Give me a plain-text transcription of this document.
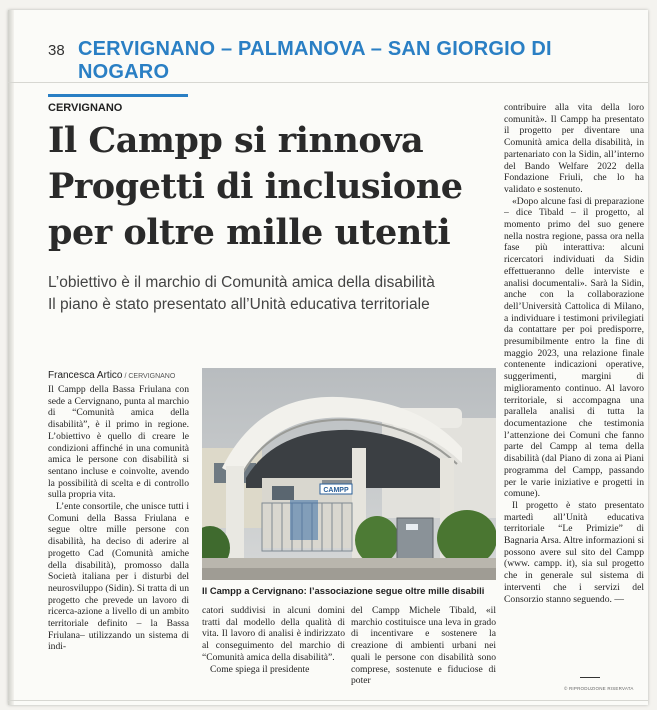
38 CERVIGNANO – PALMANOVA – SAN GIORGIO DI NOGARO
CERVIGNANO
Il Campp si rinnova
Progetti di inclusione
per oltre mille utenti
L’obiettivo è il marchio di Comunità amica della disabilità
Il piano è stato presentato all’Unità educativa territoriale
Francesca Artico / CERVIGNANO

Il Campp della Bassa Friulana con sede a Cervignano, punta al marchio di “Comunità amica della disabilità”, è il primo in regione. L’obiettivo è quello di creare le condizioni affinché in una comunità amica le persone con disabilità si sentano incluse e coinvolte, avendo la possibilità di scelta e di controllo sulla propria vita.

L’ente consortile, che unisce tutti i Comuni della Bassa Friulana e segue oltre mille persone con disabilità, ha deciso di aderire al progetto Cad (Comunità amiche della disabilità), promosso dalla Società italiana per i disturbi del neurosviluppo (Sidin). Si tratta di un progetto che prevede un lavoro di ricerca-azione a livello di un ambito territoriale definito – la Bassa Friulana– utilizzando un sistema di indi-

CAMPP
Il Campp a Cervignano: l’associazione segue oltre mille disabili

catori suddivisi in alcuni domini tratti dal modello della qualità di vita. Il lavoro di analisi è indirizzato al conseguimento del marchio di “Comunità amica della disabilità”.

Come spiega il presidente

del Campp Michele Tibald, «il marchio costituisce una leva in grado di incentivare e sostenere la creazione di ambienti urbani nei quali le persone con disabilità sono comprese, sostenute e fiduciose di poter

contribuire alla vita della loro comunità». Il Campp ha presentato il progetto per diventare una Comunità amica della disabilità, in partenariato con la Sidin, all’interno del Bando Welfare 2022 della Fondazione Friuli, che lo ha validato e sostenuto.

«Dopo alcune fasi di preparazione – dice Tibald – il progetto, al momento primo del suo genere nella nostra regione, passa ora nella fase più interattiva: alcuni ricercatori individuati da Sidin effettueranno delle interviste e analisi documentali». Sarà la Sidin, anche con la collaborazione dell’Università Cattolica di Milano, a individuare i testimoni privilegiati da contattare per poi predisporre, presumibilmente entro la fine di maggio 2023, una relazione finale contenente indicazioni operative, suggerimenti, margini di miglioramento continuo. Al lavoro territoriale, si accompagna una parallela analisi di tutta la documentazione che testimonia l’attenzione dei Comuni che fanno parte del Campp al tema della disabilità (dal Piano di zona ai Piani programma del Campp, passando per le varie iniziative e progetti in comune).

Il progetto è stato presentato martedì all’Unità educativa territoriale “Le Primizie” di Bagnaria Arsa. Altre informazioni si possono avere sul sito del Campp (www. campp. it), sia sul progetto che in generale sul sistema di interventi che i servizi del Consorzio stanno seguendo. —

© RIPRODUZIONE RISERVATA
